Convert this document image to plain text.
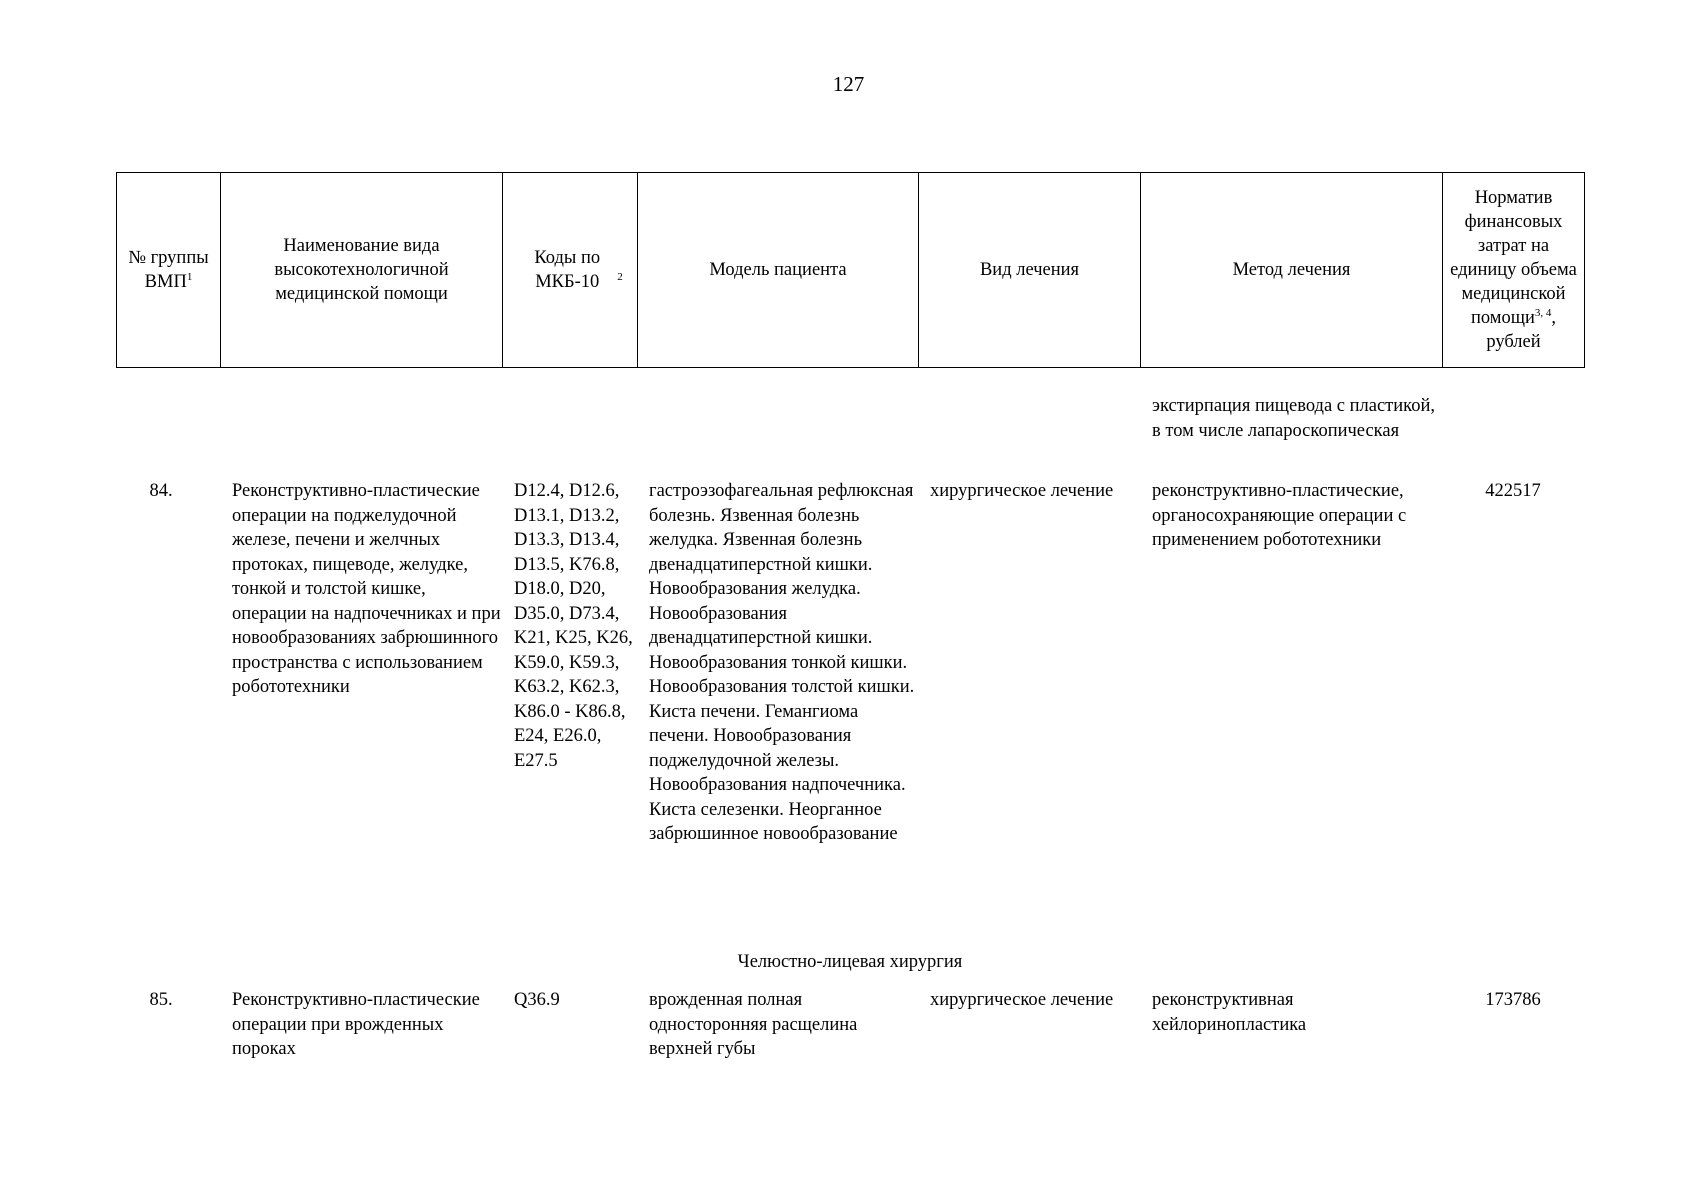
127
№ группы ВМП$^1$	Наименование вида высокотехнологичной медицинской помощи	Коды по МКБ-10 $^2$	Модель пациента	Вид лечения	Метод лечения	Норматив финансовых затрат на единицу объема медицинской помощи$^{3, 4}$, рублей
					экстирпация пищевода с пластикой, в том числе лапароскопическая	
84.	Реконструктивно-пластические операции на поджелудочной железе, печени и желчных протоках, пищеводе, желудке, тонкой и толстой кишке, операции на надпочечниках и при новообразованиях забрюшинного пространства с использованием робототехники	D12.4, D12.6, D13.1, D13.2, D13.3, D13.4, D13.5, K76.8, D18.0, D20, D35.0, D73.4, K21, K25, K26, K59.0, K59.3, K63.2, K62.3, K86.0 - K86.8, E24, E26.0, E27.5	гастроэзофагеальная рефлюксная болезнь. Язвенная болезнь желудка. Язвенная болезнь двенадцатиперстной кишки. Новообразования желудка. Новообразования двенадцатиперстной кишки. Новообразования тонкой кишки. Новообразования толстой кишки. Киста печени. Гемангиома печени. Новообразования поджелудочной железы. Новообразования надпочечника. Киста селезенки. Неорганное забрюшинное новообразование	хирургическое лечение	реконструктивно-пластические, органосохраняющие операции с применением робототехники	422517
Челюстно-лицевая хирургия
85.	Реконструктивно-пластические операции при врожденных пороках	Q36.9	врожденная полная односторонняя расщелина верхней губы	хирургическое лечение	реконструктивная хейлоринопластика	173786
